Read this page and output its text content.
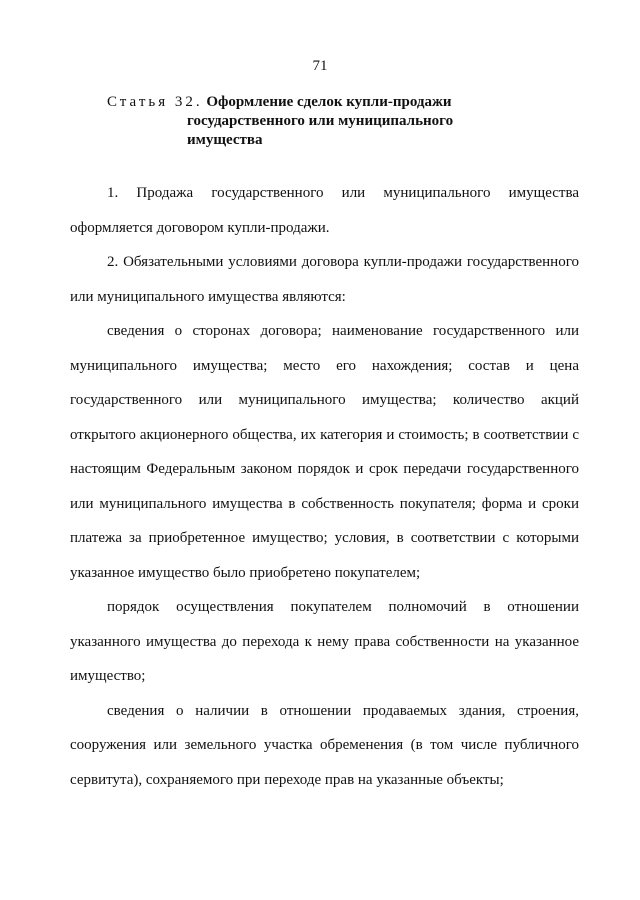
71
Статья 32. Оформление сделок купли-продажи
государственного или муниципального
имущества
1. Продажа государственного или муниципального имущества
оформляется договором купли-продажи.
2. Обязательными условиями договора купли-продажи государственного
или муниципального имущества являются:
сведения о сторонах договора; наименование государственного или
муниципального имущества; место его нахождения; состав и цена
государственного или муниципального имущества; количество акций
открытого акционерного общества, их категория и стоимость; в соответствии с
настоящим Федеральным законом порядок и срок передачи государственного
или муниципального имущества в собственность покупателя; форма и сроки
платежа за приобретенное имущество; условия, в соответствии с которыми
указанное имущество было приобретено покупателем;
порядок осуществления покупателем полномочий в отношении
указанного имущества до перехода к нему права собственности на указанное
имущество;
сведения о наличии в отношении продаваемых здания, строения,
сооружения или земельного участка обременения (в том числе публичного
сервитута), сохраняемого при переходе прав на указанные объекты;
